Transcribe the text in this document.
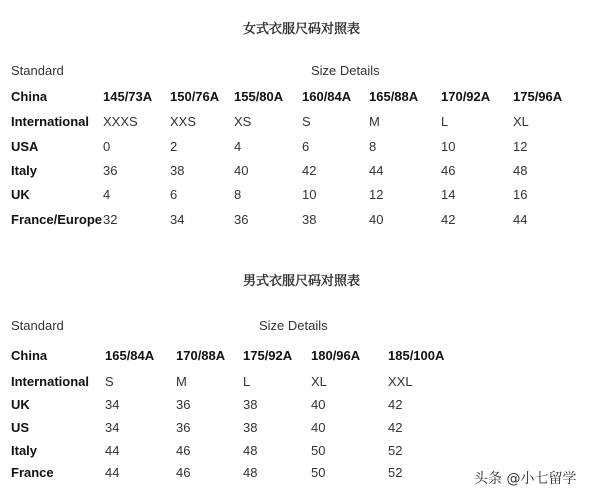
女式衣服尺码对照表
Standard	Size Details
China	145/73A 150/76A 155/80A 160/84A 165/88A 170/92A 175/96A
International XXXS XXS	XS	S	M	L	XL
USA	0	2	4	6	8	10	12
Italy	36	38	40	42	44	46	48
UK	4	6	8	10	12	14	16
France/Europe 32	34	36	38	40	42	44
男式衣服尺码对照表
Standard	Size Details
China	165/84A 170/88A 175/92A 180/96A 185/100A
International S	M	L	XL	XXL
UK	34	36	38	40	42
US	34	36	38	40	42
Italy	44	46	48	50	52
France	44	46	48	50	52	头条 @小七留学
